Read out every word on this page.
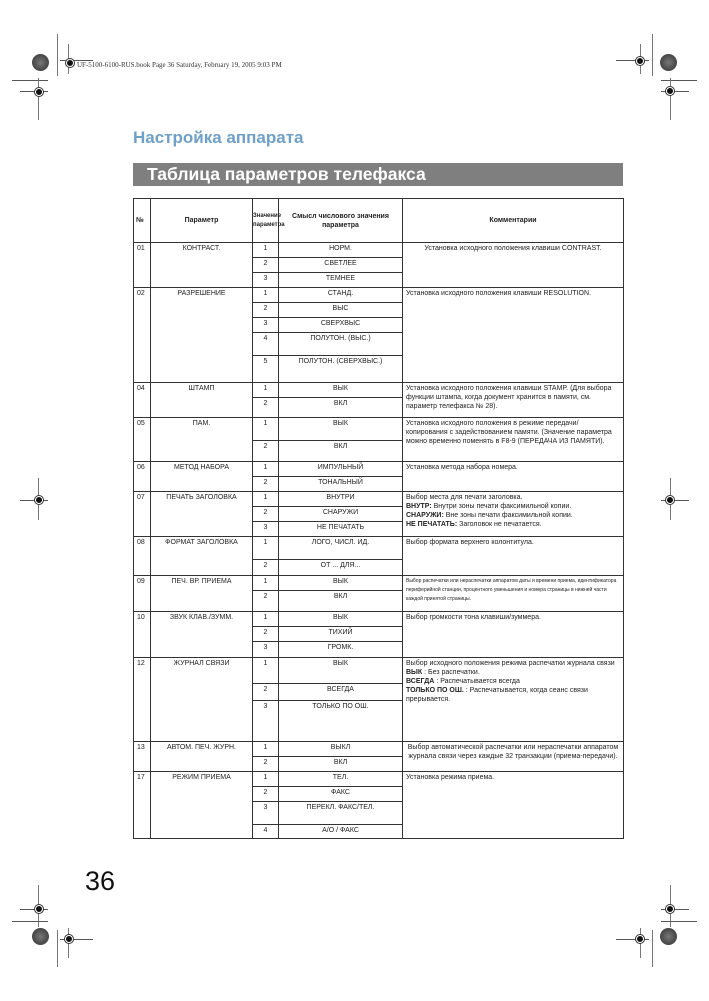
UF-5100-6100-RUS.book Page 36 Saturday, February 19, 2005 9:03 PM
Настройка аппарата
Таблица параметров телефакса
№	Параметр	Значение параметра	Смысл числового значения параметра	Комментарии
01	КОНТРАСТ.	1	НОРМ.	Установка исходного положения клавиши CONTRAST.

		2	СВЕТЛЕЕ	
		3	ТЕМНЕЕ	
02	РАЗРЕШЕНИЕ	1	СТАНД.	Установка исходного положения клавиши RESOLUTION.

		2	ВЫС	
		3	СВЕРХВЫС	
		4	ПОЛУТОН. (ВЫС.)	
		5	ПОЛУТОН. (СВЕРХВЫС.)	
04	ШТАМП	1	ВЫК	Установка исходного положения клавиши STAMP. (Для выбора функции штампа, когда документ хранится в памяти, см. параметр телефакса № 28).

		2	ВКЛ	
05	ПАМ.	1	ВЫК	Установка исходного положения в режиме передачи/копирования с задействованием памяти. (Значение параметра можно временно поменять в F8-9 (ПЕРЕДАЧА ИЗ ПАМЯТИ).

		2	ВКЛ	
06	МЕТОД НАБОРА	1	ИМПУЛЬНЫЙ	Установка метода набора номера.

		2	ТОНАЛЬНЫЙ	
07	ПЕЧАТЬ ЗАГОЛОВКА	1	ВНУТРИ	Выбор места для печати заголовка.
ВНУТР: Внутри зоны печати факсимильной копии.
СНАРУЖИ: Вне зоны печати факсимильной копии.
НЕ ПЕЧАТАТЬ: Заголовок не печатается.

		2	СНАРУЖИ	
		3	НЕ ПЕЧАТАТЬ	
08	ФОРМАТ ЗАГОЛОВКА	1	ЛОГО, ЧИСЛ. ИД.	Выбор формата верхнего колонтитула.

		2	ОТ ... ДЛЯ...	
09	ПЕЧ. ВР. ПРИЕМА	1	ВЫК	Выбор распечатки или нераспечатки аппаратом даты и времени приема, идентификатора периферийной станции, процентного уменьшения и номера страницы в нижней части каждой принятой страницы.

		2	ВКЛ	
10	ЗВУК КЛАВ./ЗУММ.	1	ВЫК	Выбор громкости тона клавиши/зуммера.

		2	ТИХИЙ	
		3	ГРОМК.	
12	ЖУРНАЛ СВЯЗИ	1	ВЫК	Выбор исходного положения режима распечатки журнала связи
ВЫК : Без распечатки.
ВСЕГДА : Распечатывается всегда
ТОЛЬКО ПО ОШ. : Распечатывается, когда сеанс связи прерывается.

		2	ВСЕГДА	
		3	ТОЛЬКО ПО ОШ.	
13	АВТОМ. ПЕЧ. ЖУРН.	1	ВЫКЛ	Выбор автоматической распечатки или нераспечатки аппаратом журнала связи через каждые 32 транзакции (приема-передачи).

		2	ВКЛ	
17	РЕЖИМ ПРИЕМА	1	ТЕЛ.	Установка режима приема.

		2	ФАКС	
		3	ПЕРЕКЛ. ФАКС/ТЕЛ.	
		4	А/О / ФАКС	
36
